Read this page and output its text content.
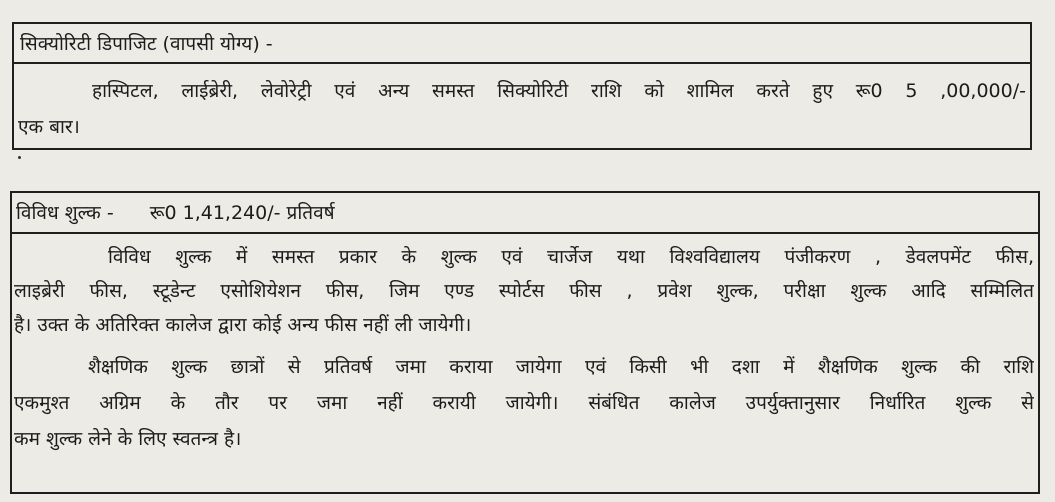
सिक्योरिटी डिपाजिट (वापसी योग्य) -
हास्पिटल, लाईब्रेरी, लेवोरेट्री एवं अन्य समस्त सिक्योरिटी राशि को शामिल करते हुए रू0 5 ,00,000/-
एक बार।
विविध शुल्क - रू0 1,41,240/- प्रतिवर्ष
विविध शुल्क में समस्त प्रकार के शुल्क एवं चार्जेज यथा विश्वविद्यालय पंजीकरण , डेवलपमेंट फीस,
लाइब्रेरी फीस, स्टूडेन्ट एसोशियेशन फीस, जिम एण्ड स्पोर्टस फीस , प्रवेश शुल्क, परीक्षा शुल्क आदि सम्मिलित
है। उक्त के अतिरिक्त कालेज द्वारा कोई अन्य फीस नहीं ली जायेगी।
शैक्षणिक शुल्क छात्रों से प्रतिवर्ष जमा कराया जायेगा एवं किसी भी दशा में शैक्षणिक शुल्क की राशि
एकमुश्त अग्रिम के तौर पर जमा नहीं करायी जायेगी। संबंधित कालेज उपर्युक्तानुसार निर्धारित शुल्क से
कम शुल्क लेने के लिए स्वतन्त्र है।
